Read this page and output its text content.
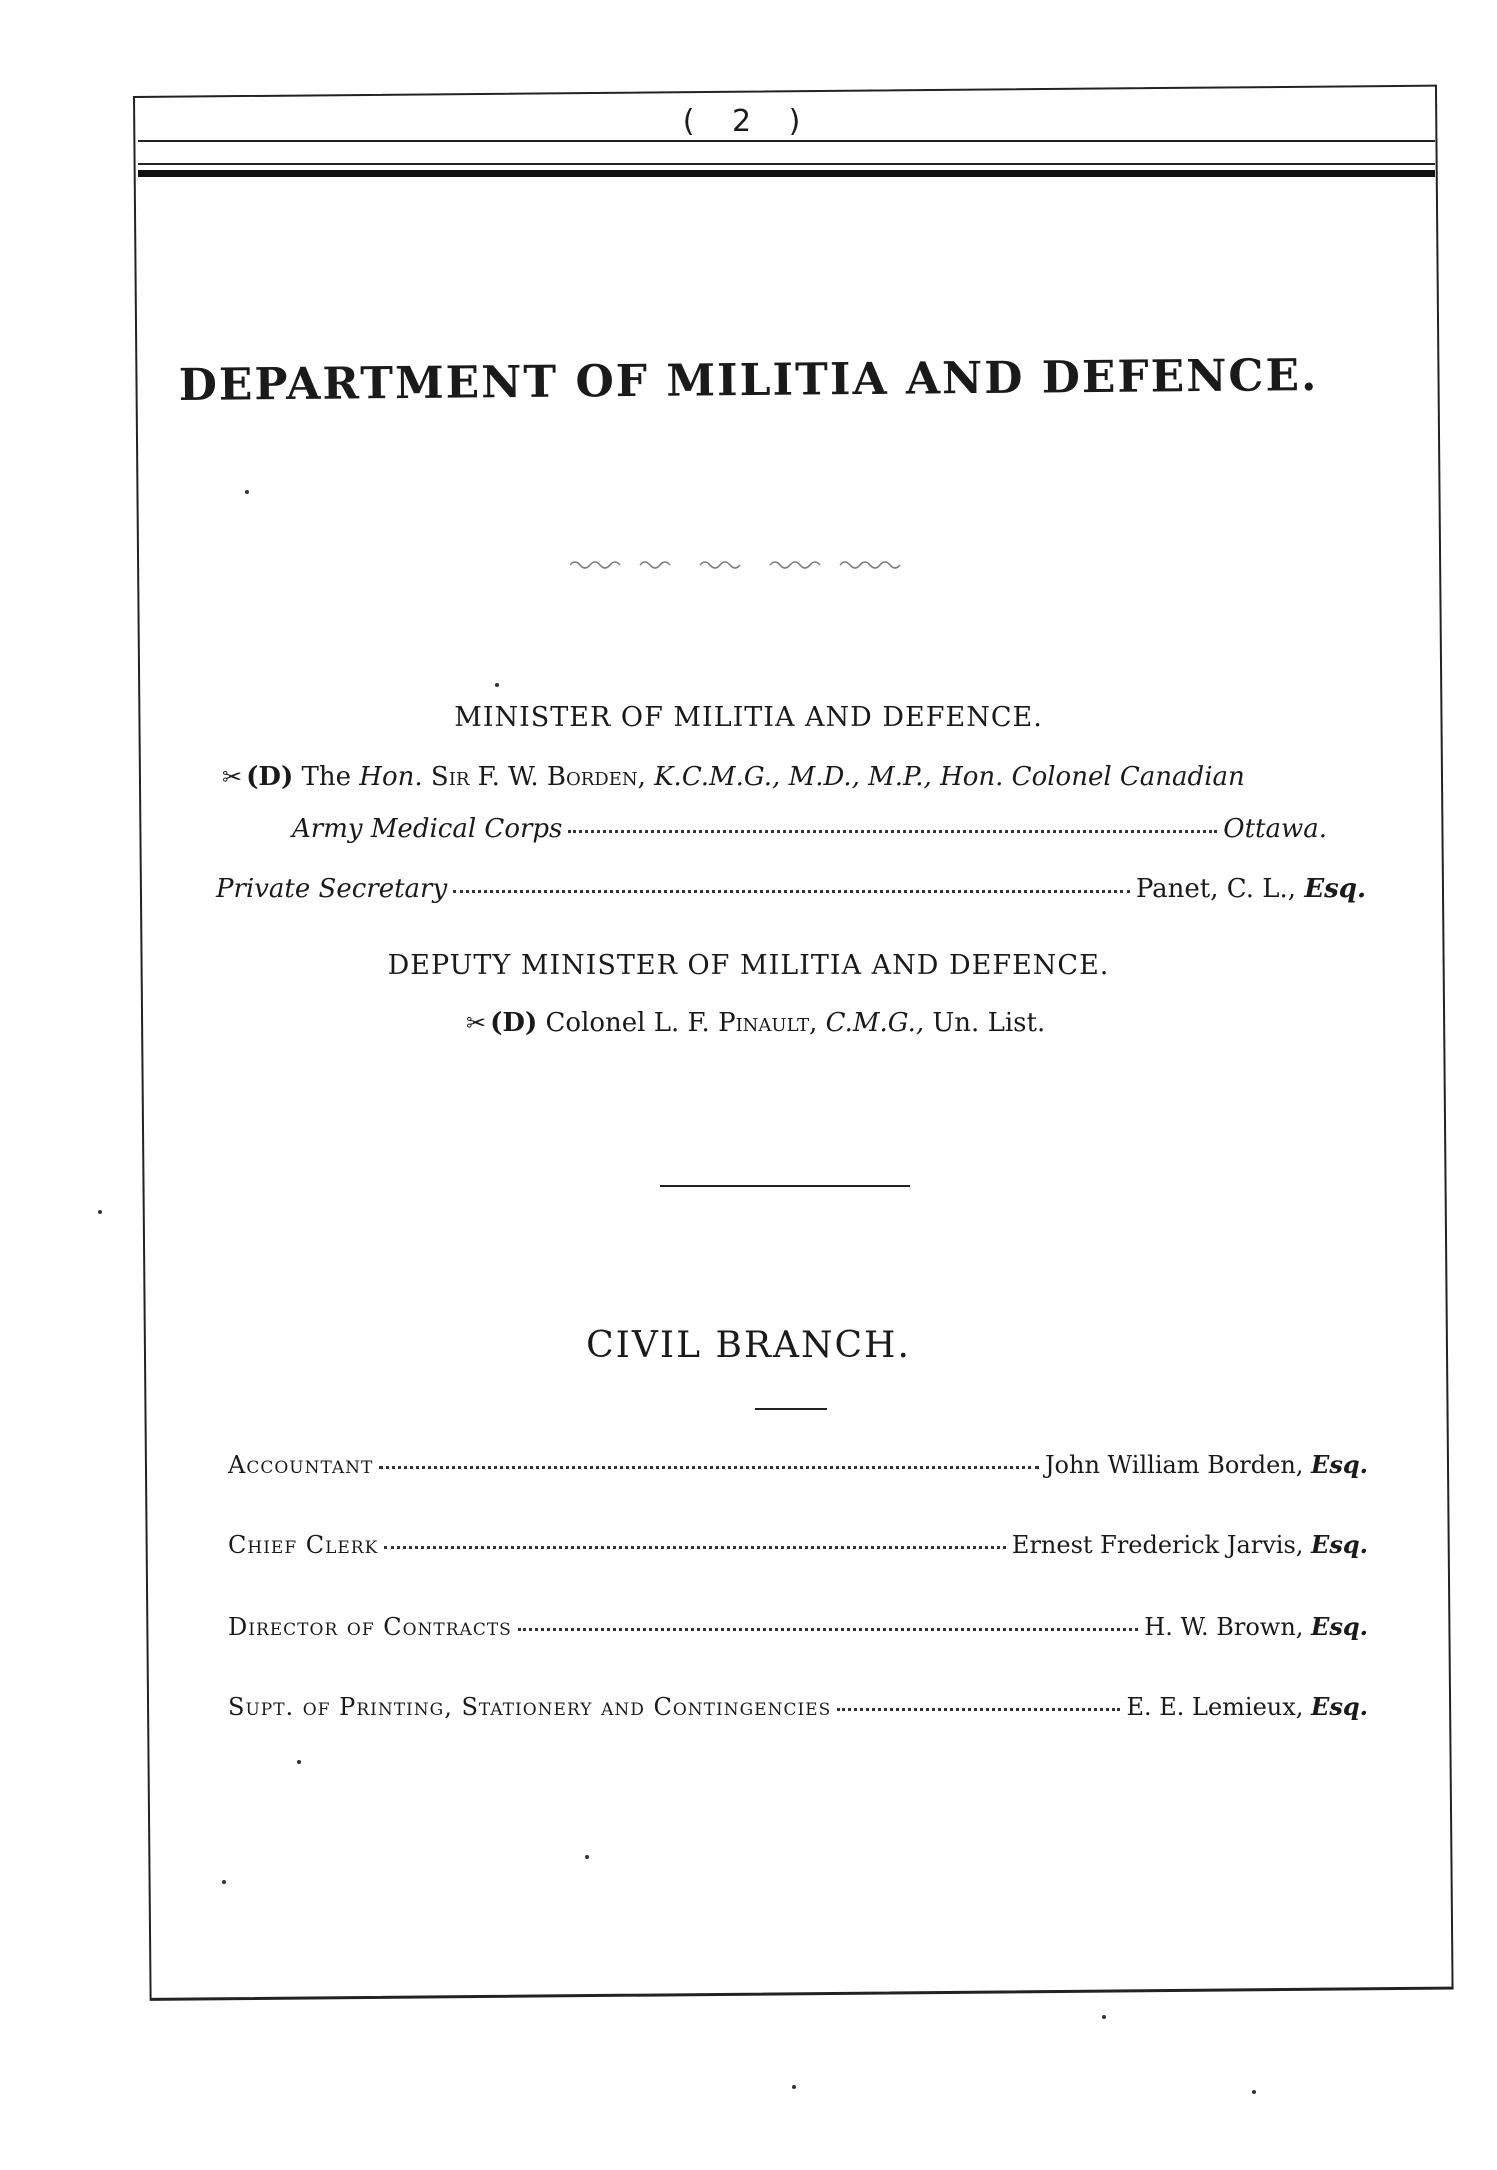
( 2 )
DEPARTMENT OF MILITIA AND DEFENCE.
MINISTER OF MILITIA AND DEFENCE.
✂ (D) The Hon. Sir F. W. Borden, K.C.M.G., M.D., M.P., Hon. Colonel Canadian
Army Medical Corps	Ottawa.
Private Secretary	Panet, C. L.,
Esq.
DEPUTY MINISTER OF MILITIA AND DEFENCE.
✂ (D) Colonel L. F. Pinault, C.M.G., Un. List.
CIVIL BRANCH.
Accountant	John William Borden,
Esq.
Chief Clerk	Ernest Frederick Jarvis,
Esq.
Director of Contracts	H. W. Brown,
Esq.
Supt. of Printing, Stationery and Contingencies	E. E. Lemieux,
Esq.
